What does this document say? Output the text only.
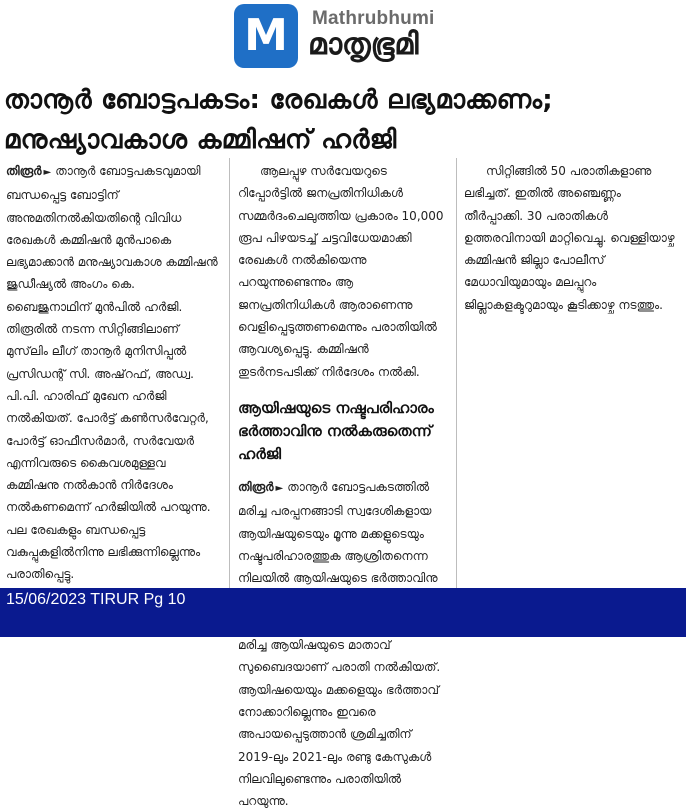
M Mathrubhumi
മാതൃഭൂമി
താനൂർ ബോട്ടപകടം: രേഖകൾ ലഭ്യമാക്കണം;
മനുഷ്യാവകാശ കമ്മിഷന് ഹർജി

തിരൂർ ► താനൂർ ബോട്ടപകടവുമായി ബന്ധപ്പെട്ട ബോട്ടിന് അനുമതിനൽകിയതിന്റെ വിവിധ രേഖകൾ കമ്മിഷൻ മുൻപാകെ ലഭ്യമാക്കാൻ മനുഷ്യാവകാശ കമ്മിഷൻ ജുഡീഷ്യൽ അംഗം കെ. ബൈജുനാഥിന് മുൻപിൽ ഹർജി. തിരൂരിൽ നടന്ന സിറ്റിങ്ങിലാണ് മുസ്‌ലിം ലീഗ് താനൂർ മുനിസിപ്പൽ പ്രസിഡന്റ് സി. അഷ്‌റഫ്, അഡ്വ. പി.പി. ഹാരിഫ് മുഖേന ഹർജി നൽകിയത്. പോർട്ട് കൺസർവേറ്റർ, പോർട്ട് ഓഫീസർമാർ, സർവേയർ എന്നിവരുടെ കൈവശമുള്ളവ കമ്മിഷനു നൽകാൻ നിർദേശം നൽകണമെന്ന് ഹർജിയിൽ പറയുന്നു. പല രേഖകളും ബന്ധപ്പെട്ട വകുപ്പുകളിൽനിന്നു ലഭിക്കുന്നില്ലെന്നും പരാതിപ്പെട്ടു.

ആലപ്പുഴ സർവേയറുടെ റിപ്പോർട്ടിൽ ജനപ്രതിനിധികൾ സമ്മർദംചെലുത്തിയ പ്രകാരം 10,000 രൂപ പിഴയടച്ച് ചട്ടവിധേയമാക്കി രേഖകൾ നൽകിയെന്നു പറയുന്നുണ്ടെന്നും ആ ജനപ്രതിനിധികൾ ആരാണെന്നു വെളിപ്പെടുത്തണമെന്നും പരാതിയിൽ ആവശ്യപ്പെട്ടു. കമ്മിഷൻ തുടർനടപടിക്ക് നിർദേശം നൽകി.

ആയിഷയുടെ നഷ്ടപരിഹാരം ഭർത്താവിനു നൽകരുതെന്ന് ഹർജി

തിരൂർ ► താനൂർ ബോട്ടപകടത്തിൽ മരിച്ച പരപ്പനങ്ങാടി സ്വദേശികളായ ആയിഷയുടെയും മൂന്നു മക്കളുടെയും നഷ്ടപരിഹാരത്തുക ആശ്രിതനെന്ന നിലയിൽ ആയിഷയുടെ ഭർത്താവിനു മരിച്ച ആയിഷയുടെ മാതാവ് സുബൈദയാണ് പരാതി നൽകിയത്. ആയിഷയെയും മക്കളെയും ഭർത്താവ് നോക്കാറില്ലെന്നും ഇവരെ അപായപ്പെടുത്താൻ ശ്രമിച്ചതിന് 2019-ലും 2021-ലും രണ്ടു കേസുകൾ നിലവിലുണ്ടെന്നും പരാതിയിൽ പറയുന്നു.

സിറ്റിങ്ങിൽ 50 പരാതികളാണു ലഭിച്ചത്. ഇതിൽ അഞ്ചെണ്ണം തീർപ്പാക്കി. 30 പരാതികൾ ഉത്തരവിനായി മാറ്റിവെച്ചു. വെള്ളിയാഴ്ച കമ്മിഷൻ ജില്ലാ പോലീസ് മേധാവിയുമായും മലപ്പുറം ജില്ലാകളക്ടറുമായും കൂടിക്കാഴ്ച നടത്തും.

15/06/2023 TIRUR Pg 10
